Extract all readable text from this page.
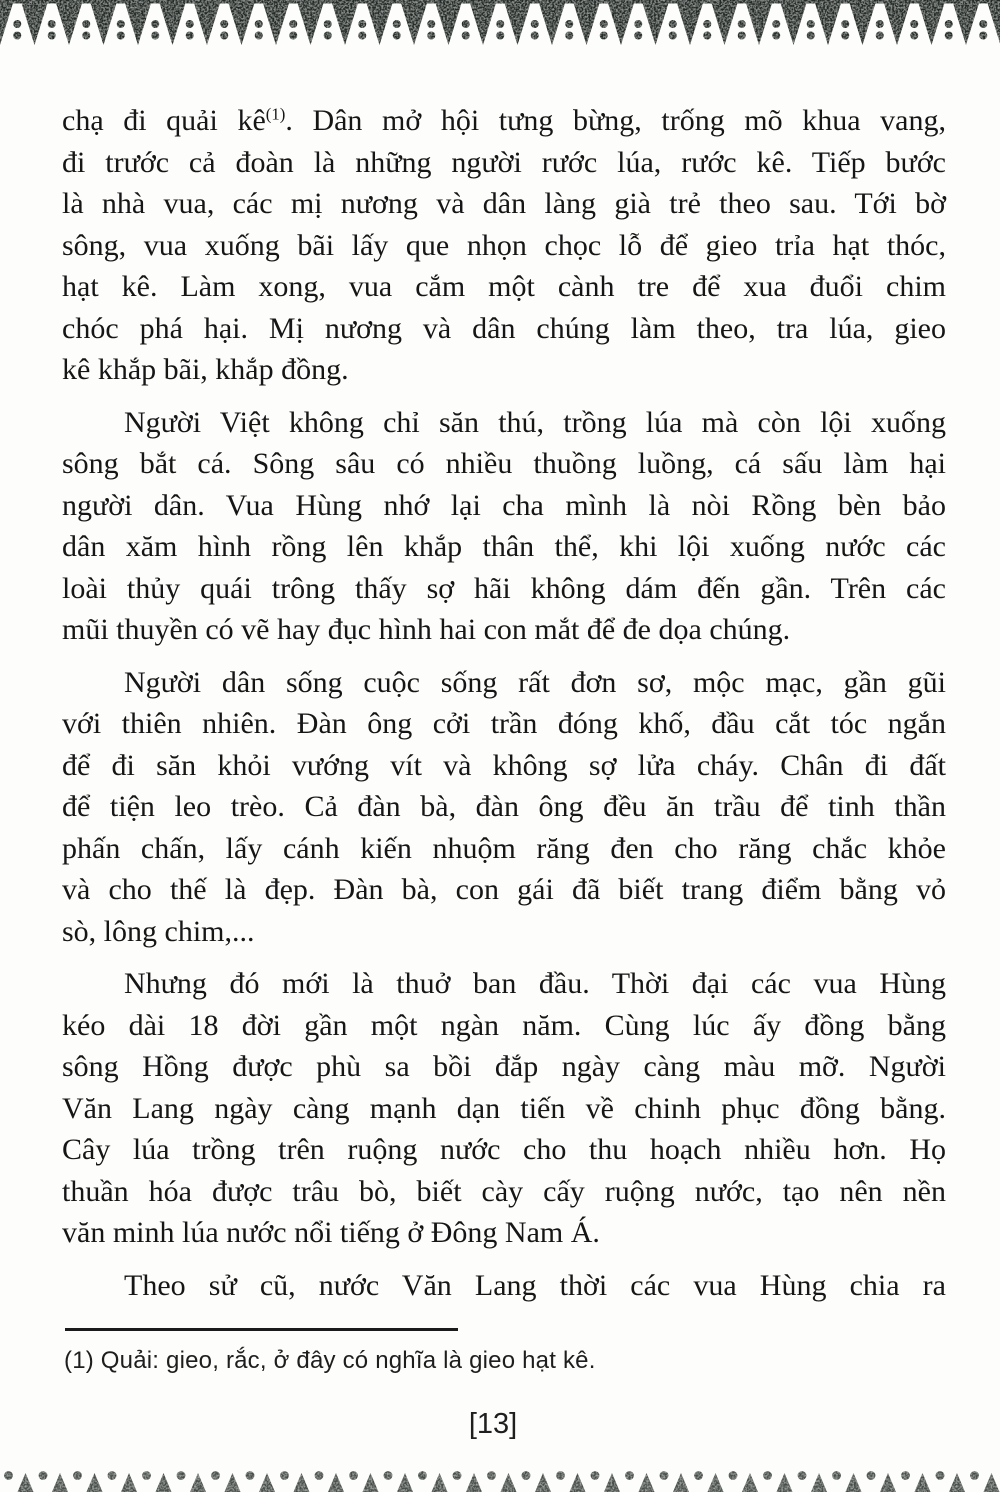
chạ đi quải $kê^{(1)}$. Dân mở hội tưng bừng, trống mõ khua vang,
đi trước cả đoàn là những người rước lúa, rước kê. Tiếp bước
là nhà vua, các mị nương và dân làng già trẻ theo sau. Tới bờ
sông, vua xuống bãi lấy que nhọn chọc lỗ để gieo trỉa hạt thóc,
hạt kê. Làm xong, vua cắm một cành tre để xua đuổi chim
chóc phá hại. Mị nương và dân chúng làm theo, tra lúa, gieo
kê khắp bãi, khắp đồng.
Người Việt không chỉ săn thú, trồng lúa mà còn lội xuống
sông bắt cá. Sông sâu có nhiều thuồng luồng, cá sấu làm hại
người dân. Vua Hùng nhớ lại cha mình là nòi Rồng bèn bảo
dân xăm hình rồng lên khắp thân thể, khi lội xuống nước các
loài thủy quái trông thấy sợ hãi không dám đến gần. Trên các
mũi thuyền có vẽ hay đục hình hai con mắt để đe dọa chúng.
Người dân sống cuộc sống rất đơn sơ, mộc mạc, gần gũi
với thiên nhiên. Đàn ông cởi trần đóng khố, đầu cắt tóc ngắn
để đi săn khỏi vướng vít và không sợ lửa cháy. Chân đi đất
để tiện leo trèo. Cả đàn bà, đàn ông đều ăn trầu để tinh thần
phấn chấn, lấy cánh kiến nhuộm răng đen cho răng chắc khỏe
và cho thế là đẹp. Đàn bà, con gái đã biết trang điểm bằng vỏ
sò, lông chim,...
Nhưng đó mới là thuở ban đầu. Thời đại các vua Hùng
kéo dài 18 đời gần một ngàn năm. Cùng lúc ấy đồng bằng
sông Hồng được phù sa bồi đắp ngày càng màu mỡ. Người
Văn Lang ngày càng mạnh dạn tiến về chinh phục đồng bằng.
Cây lúa trồng trên ruộng nước cho thu hoạch nhiều hơn. Họ
thuần hóa được trâu bò, biết cày cấy ruộng nước, tạo nên nền
văn minh lúa nước nổi tiếng ở Đông Nam Á.
Theo sử cũ, nước Văn Lang thời các vua Hùng chia ra
(1) Quải: gieo, rắc, ở đây có nghĩa là gieo hạt kê.
[13]
